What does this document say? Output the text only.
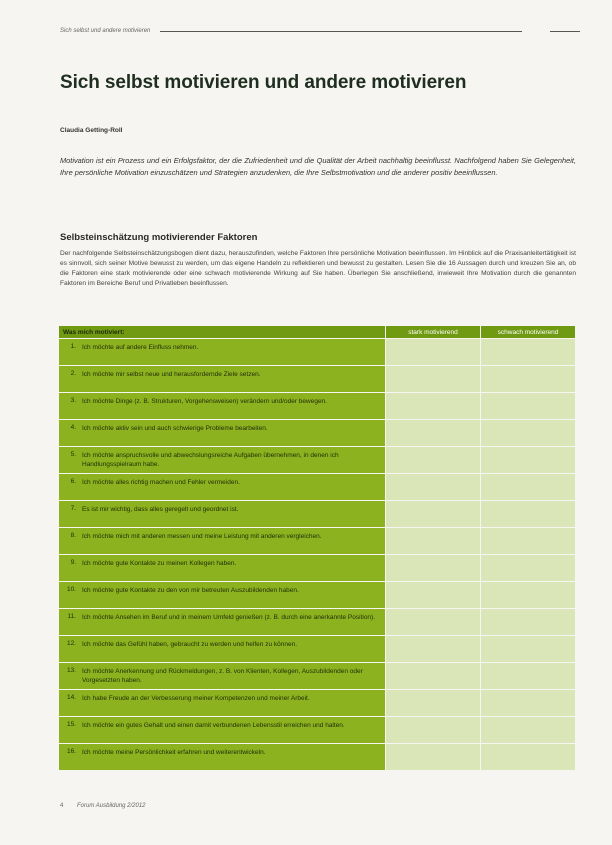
Sich selbst und andere motivieren
Sich selbst motivieren und andere motivieren
Claudia Getting-Roll

Motivation ist ein Prozess und ein Erfolgsfaktor, der die Zufriedenheit und die Qualität der Arbeit nachhaltig beeinflusst. Nachfolgend haben Sie Gelegenheit, Ihre persönliche Motivation einzuschätzen und Strategien anzudenken, die Ihre Selbstmotivation und die anderer positiv beeinflussen.

Selbsteinschätzung motivierender Faktoren

Der nachfolgende Selbsteinschätzungsbogen dient dazu, herauszufinden, welche Faktoren Ihre persönliche Motivation beeinflussen. Im Hinblick auf die Praxisanleitertätigkeit ist es sinnvoll, sich seiner Motive bewusst zu werden, um das eigene Handeln zu reflektieren und bewusst zu gestalten. Lesen Sie die 16 Aussagen durch und kreuzen Sie an, ob die Faktoren eine stark motivierende oder eine schwach motivierende Wirkung auf Sie haben. Überlegen Sie anschließend, inwieweit Ihre Motivation durch die genannten Faktoren im Bereiche Beruf und Privatleben beeinflussen.

Was mich motiviert:	stark motivierend	schwach motivierend

1. Ich möchte auf andere Einfluss nehmen.		

2. Ich möchte mir selbst neue und herausfordernde Ziele setzen.		

3. Ich möchte Dinge (z. B. Strukturen, Vorgehensweisen) verändern und/oder bewegen.		

4. Ich möchte aktiv sein und auch schwierige Probleme bearbeiten.		

5. Ich möchte anspruchsvolle und abwechslungsreiche Aufgaben übernehmen, in denen ich Handlungsspielraum habe.		

6. Ich möchte alles richtig machen und Fehler vermeiden.		

7. Es ist mir wichtig, dass alles geregelt und geordnet ist.		

8. Ich möchte mich mit anderen messen und meine Leistung mit anderen vergleichen.		

9. Ich möchte gute Kontakte zu meinen Kollegen haben.		

10. Ich möchte gute Kontakte zu den von mir betreuten Auszubildenden haben.		

11. Ich möchte Ansehen im Beruf und in meinem Umfeld genießen (z. B. durch eine anerkannte Position).		

12. Ich möchte das Gefühl haben, gebraucht zu werden und helfen zu können.		

13. Ich möchte Anerkennung und Rückmeldungen, z. B. von Klienten, Kollegen, Auszubildenden oder Vorgesetzten haben.		

14. Ich habe Freude an der Verbesserung meiner Kompetenzen und meiner Arbeit.		

15. Ich möchte ein gutes Gehalt und einen damit verbundenen Lebensstil erreichen und halten.		

16. Ich möchte meine Persönlichkeit erfahren und weiterentwickeln.		

4 Forum Ausbildung 2/2012
